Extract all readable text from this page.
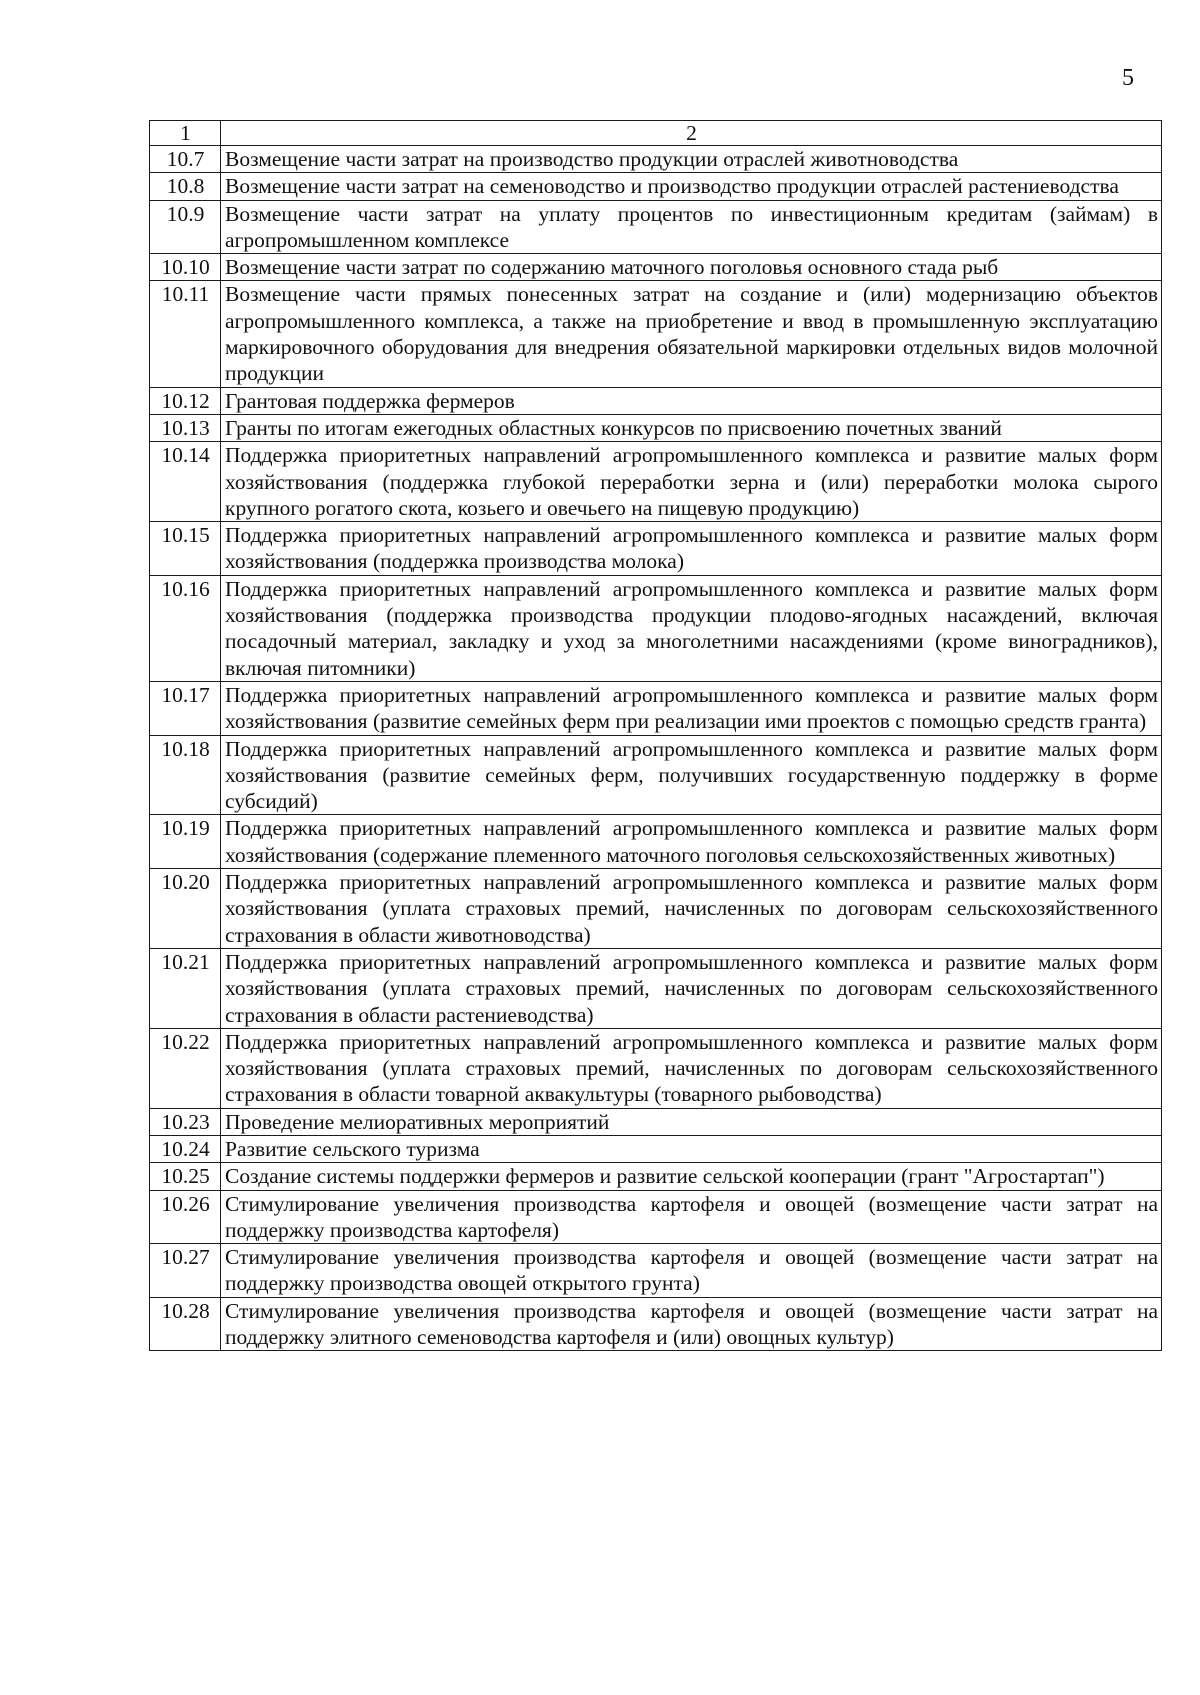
5
1	2
10.7	Возмещение части затрат на производство продукции отраслей животноводства
10.8	Возмещение части затрат на семеноводство и производство продукции отраслей растениеводства
10.9	Возмещение части затрат на уплату процентов по инвестиционным кредитам (займам) в агропромышленном комплексе
10.10	Возмещение части затрат по содержанию маточного поголовья основного стада рыб
10.11	Возмещение части прямых понесенных затрат на создание и (или) модернизацию объектов агропромышленного комплекса, а также на приобретение и ввод в промышленную эксплуатацию маркировочного оборудования для внедрения обязательной маркировки отдельных видов молочной продукции
10.12	Грантовая поддержка фермеров
10.13	Гранты по итогам ежегодных областных конкурсов по присвоению почетных званий
10.14	Поддержка приоритетных направлений агропромышленного комплекса и развитие малых форм хозяйствования (поддержка глубокой переработки зерна и (или) переработки молока сырого крупного рогатого скота, козьего и овечьего на пищевую продукцию)
10.15	Поддержка приоритетных направлений агропромышленного комплекса и развитие малых форм хозяйствования (поддержка производства молока)
10.16	Поддержка приоритетных направлений агропромышленного комплекса и развитие малых форм хозяйствования (поддержка производства продукции плодово-ягодных насаждений, включая посадочный материал, закладку и уход за многолетними насаждениями (кроме виноградников), включая питомники)
10.17	Поддержка приоритетных направлений агропромышленного комплекса и развитие малых форм хозяйствования (развитие семейных ферм при реализации ими проектов с помощью средств гранта)
10.18	Поддержка приоритетных направлений агропромышленного комплекса и развитие малых форм хозяйствования (развитие семейных ферм, получивших государственную поддержку в форме субсидий)
10.19	Поддержка приоритетных направлений агропромышленного комплекса и развитие малых форм хозяйствования (содержание племенного маточного поголовья сельскохозяйственных животных)
10.20	Поддержка приоритетных направлений агропромышленного комплекса и развитие малых форм хозяйствования (уплата страховых премий, начисленных по договорам сельскохозяйственного страхования в области животноводства)
10.21	Поддержка приоритетных направлений агропромышленного комплекса и развитие малых форм хозяйствования (уплата страховых премий, начисленных по договорам сельскохозяйственного страхования в области растениеводства)
10.22	Поддержка приоритетных направлений агропромышленного комплекса и развитие малых форм хозяйствования (уплата страховых премий, начисленных по договорам сельскохозяйственного страхования в области товарной аквакультуры (товарного рыбоводства)
10.23	Проведение мелиоративных мероприятий
10.24	Развитие сельского туризма
10.25	Создание системы поддержки фермеров и развитие сельской кооперации (грант "Агростартап")
10.26	Стимулирование увеличения производства картофеля и овощей (возмещение части затрат на поддержку производства картофеля)
10.27	Стимулирование увеличения производства картофеля и овощей (возмещение части затрат на поддержку производства овощей открытого грунта)
10.28	Стимулирование увеличения производства картофеля и овощей (возмещение части затрат на поддержку элитного семеноводства картофеля и (или) овощных культур)
